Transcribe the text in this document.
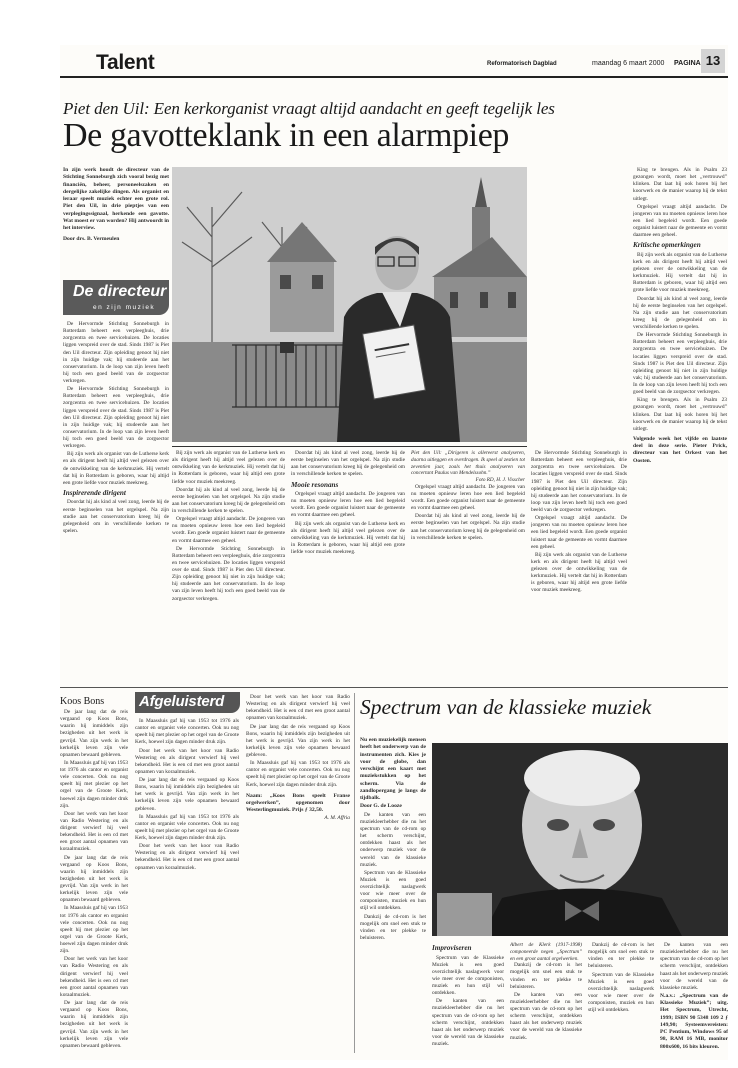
Talent	Reformatorisch Dagblad	maandag 6 maart 2000 PAGINA 13
Piet den Uil: Een kerkorganist vraagt altijd aandacht en geeft tegelijk les
De gavotteklank in een alarmpiep
In zijn werk houdt de directeur van de Stichting Sonneburgh zich vooral bezig met financiën, beheer, personeelszaken en dergelijke zakelijke dingen. Als organist en leraar speelt muziek echter een grote rol. Piet den Uil, in drie pieptjes van een verplegingssignaal, herkende een gavotte. Wat moest er van worden? Hij antwoordt in het interview.
Door drs. B. Vermeulen
De directeur
en zijn muziek

De Hervormde Stichting Sonneburgh in Rotterdam beheert een verpleeghuis, drie zorgcentra en twee servicehuizen. De locaties liggen verspreid over de stad. Sinds 1987 is Piet den Uil directeur. Zijn opleiding genoot hij niet in zijn huidige vak; hij studeerde aan het conservatorium. In de loop van zijn leven heeft hij toch een goed beeld van de zorgsector verkregen.

De Hervormde Stichting Sonneburgh in Rotterdam beheert een verpleeghuis, drie zorgcentra en twee servicehuizen. De locaties liggen verspreid over de stad. Sinds 1987 is Piet den Uil directeur. Zijn opleiding genoot hij niet in zijn huidige vak; hij studeerde aan het conservatorium. In de loop van zijn leven heeft hij toch een goed beeld van de zorgsector verkregen.

Bij zijn werk als organist van de Lutherse kerk en als dirigent heeft hij altijd veel gelezen over de ontwikkeling van de kerkmuziek. Hij vertelt dat hij in Rotterdam is geboren, waar hij altijd een grote liefde voor muziek meekreeg.

Inspirerende dirigent

Doordat hij als kind al veel zong, leerde hij de eerste beginselen van het orgelspel. Na zijn studie aan het conservatorium kreeg hij de gelegenheid om in verschillende kerken te spelen.

Bij zijn werk als organist van de Lutherse kerk en als dirigent heeft hij altijd veel gelezen over de ontwikkeling van de kerkmuziek. Hij vertelt dat hij in Rotterdam is geboren, waar hij altijd een grote liefde voor muziek meekreeg.

Doordat hij als kind al veel zong, leerde hij de eerste beginselen van het orgelspel. Na zijn studie aan het conservatorium kreeg hij de gelegenheid om in verschillende kerken te spelen.

Orgelspel vraagt altijd aandacht. De jongeren van nu moeten opnieuw leren hoe een lied begeleid wordt. Een goede organist luistert naar de gemeente en vormt daarmee een geheel.

De Hervormde Stichting Sonneburgh in Rotterdam beheert een verpleeghuis, drie zorgcentra en twee servicehuizen. De locaties liggen verspreid over de stad. Sinds 1987 is Piet den Uil directeur. Zijn opleiding genoot hij niet in zijn huidige vak; hij studeerde aan het conservatorium. In de loop van zijn leven heeft hij toch een goed beeld van de zorgsector verkregen.

Doordat hij als kind al veel zong, leerde hij de eerste beginselen van het orgelspel. Na zijn studie aan het conservatorium kreeg hij de gelegenheid om in verschillende kerken te spelen.

Mooie resonans

Orgelspel vraagt altijd aandacht. De jongeren van nu moeten opnieuw leren hoe een lied begeleid wordt. Een goede organist luistert naar de gemeente en vormt daarmee een geheel.

Bij zijn werk als organist van de Lutherse kerk en als dirigent heeft hij altijd veel gelezen over de ontwikkeling van de kerkmuziek. Hij vertelt dat hij in Rotterdam is geboren, waar hij altijd een grote liefde voor muziek meekreeg.

Piet den Uil: „Dirigeren is allereerst analyseren, daarna uitleggen en overdragen. Ik speel al zestien tot zeventien jaar, zoals het thuis analyseren van concertant Paulus van Mendelssohn.”
Foto RD, H. J. Visscher

Orgelspel vraagt altijd aandacht. De jongeren van nu moeten opnieuw leren hoe een lied begeleid wordt. Een goede organist luistert naar de gemeente en vormt daarmee een geheel.

Doordat hij als kind al veel zong, leerde hij de eerste beginselen van het orgelspel. Na zijn studie aan het conservatorium kreeg hij de gelegenheid om in verschillende kerken te spelen.

De Hervormde Stichting Sonneburgh in Rotterdam beheert een verpleeghuis, drie zorgcentra en twee servicehuizen. De locaties liggen verspreid over de stad. Sinds 1987 is Piet den Uil directeur. Zijn opleiding genoot hij niet in zijn huidige vak; hij studeerde aan het conservatorium. In de loop van zijn leven heeft hij toch een goed beeld van de zorgsector verkregen.

Orgelspel vraagt altijd aandacht. De jongeren van nu moeten opnieuw leren hoe een lied begeleid wordt. Een goede organist luistert naar de gemeente en vormt daarmee een geheel.

Bij zijn werk als organist van de Lutherse kerk en als dirigent heeft hij altijd veel gelezen over de ontwikkeling van de kerkmuziek. Hij vertelt dat hij in Rotterdam is geboren, waar hij altijd een grote liefde voor muziek meekreeg.

King te brengen. Als in Psalm 23 gezongen wordt, moet het „vertrouwd” klinken. Dat laat hij ook horen bij het koorwerk en de manier waarop hij de tekst uitlegt.

Orgelspel vraagt altijd aandacht. De jongeren van nu moeten opnieuw leren hoe een lied begeleid wordt. Een goede organist luistert naar de gemeente en vormt daarmee een geheel.

Kritische opmerkingen

Bij zijn werk als organist van de Lutherse kerk en als dirigent heeft hij altijd veel gelezen over de ontwikkeling van de kerkmuziek. Hij vertelt dat hij in Rotterdam is geboren, waar hij altijd een grote liefde voor muziek meekreeg.

Doordat hij als kind al veel zong, leerde hij de eerste beginselen van het orgelspel. Na zijn studie aan het conservatorium kreeg hij de gelegenheid om in verschillende kerken te spelen.

De Hervormde Stichting Sonneburgh in Rotterdam beheert een verpleeghuis, drie zorgcentra en twee servicehuizen. De locaties liggen verspreid over de stad. Sinds 1987 is Piet den Uil directeur. Zijn opleiding genoot hij niet in zijn huidige vak; hij studeerde aan het conservatorium. In de loop van zijn leven heeft hij toch een goed beeld van de zorgsector verkregen.

King te brengen. Als in Psalm 23 gezongen wordt, moet het „vertrouwd” klinken. Dat laat hij ook horen bij het koorwerk en de manier waarop hij de tekst uitlegt.

Volgende week het vijfde en laatste deel in deze serie. Pieter Prick, directeur van het Orkest van het Oosten.

Koos Bons Afgeluisterd

De jaar lang dat de reis vergaand op Koos Bons, waarin hij inmiddels zijn bezigheden uit het werk is gevrijd. Van zijn werk in het kerkelijk leven zijn vele opnamen bewaard gebleven.

In Maassluis gaf hij van 1953 tot 1976 als cantor en organist vele concerten. Ook nu nog speelt hij met plezier op het orgel van de Groote Kerk, hoewel zijn dagen minder druk zijn.

Door het werk van het koor van Radio Westering en als dirigent verwierf hij veel bekendheid. Het is een cd met een groot aantal opnamen van koraalmuziek.

De jaar lang dat de reis vergaand op Koos Bons, waarin hij inmiddels zijn bezigheden uit het werk is gevrijd. Van zijn werk in het kerkelijk leven zijn vele opnamen bewaard gebleven.

In Maassluis gaf hij van 1953 tot 1976 als cantor en organist vele concerten. Ook nu nog speelt hij met plezier op het orgel van de Groote Kerk, hoewel zijn dagen minder druk zijn.

Door het werk van het koor van Radio Westering en als dirigent verwierf hij veel bekendheid. Het is een cd met een groot aantal opnamen van koraalmuziek.

De jaar lang dat de reis vergaand op Koos Bons, waarin hij inmiddels zijn bezigheden uit het werk is gevrijd. Van zijn werk in het kerkelijk leven zijn vele opnamen bewaard gebleven.

In Maassluis gaf hij van 1953 tot 1976 als cantor en organist vele concerten. Ook nu nog speelt hij met plezier op het orgel van de Groote Kerk, hoewel zijn dagen minder druk zijn.

Door het werk van het koor van Radio Westering en als dirigent verwierf hij veel bekendheid. Het is een cd met een groot aantal opnamen van koraalmuziek.

De jaar lang dat de reis vergaand op Koos Bons, waarin hij inmiddels zijn bezigheden uit het werk is gevrijd. Van zijn werk in het kerkelijk leven zijn vele opnamen bewaard gebleven.

In Maassluis gaf hij van 1953 tot 1976 als cantor en organist vele concerten. Ook nu nog speelt hij met plezier op het orgel van de Groote Kerk, hoewel zijn dagen minder druk zijn.

Door het werk van het koor van Radio Westering en als dirigent verwierf hij veel bekendheid. Het is een cd met een groot aantal opnamen van koraalmuziek.

Door het werk van het koor van Radio Westering en als dirigent verwierf hij veel bekendheid. Het is een cd met een groot aantal opnamen van koraalmuziek.

De jaar lang dat de reis vergaand op Koos Bons, waarin hij inmiddels zijn bezigheden uit het werk is gevrijd. Van zijn werk in het kerkelijk leven zijn vele opnamen bewaard gebleven.

In Maassluis gaf hij van 1953 tot 1976 als cantor en organist vele concerten. Ook nu nog speelt hij met plezier op het orgel van de Groote Kerk, hoewel zijn dagen minder druk zijn.

Naam: „Koos Bons speelt Franse orgelwerken”, opgenomen door Westerlingmuziek. Prijs ƒ 32,50.

A. M. Affria

Spectrum van de klassieke muziek

Nu een muziekelijk mensen heeft het onderwerp van de instrumenten zich. Kies je voor de globe, dan verschijnt een kaart met muziekstukken op het scherm. Via de zandlopergang je langs de tijdbalk.

Door G. de Looze

De kanten van een muziekleerhebber die nu het spectrum van de cd-rom op het scherm verschijnt, ontdekken haast als het onderwerp muziek voor de wereld van de klassieke muziek.

Spectrum van de Klassieke Muziek is een goed overzichtelijk naslagwerk voor wie meer over de componisten, muziek en hun stijl wil ontdekken.

Dankzij de cd-rom is het mogelijk om snel een stuk te vinden en ter plekke te beluisteren.

Improviseren

Spectrum van de Klassieke Muziek is een goed overzichtelijk naslagwerk voor wie meer over de componisten, muziek en hun stijl wil ontdekken.

De kanten van een muziekleerhebber die nu het spectrum van de cd-rom op het scherm verschijnt, ontdekken haast als het onderwerp muziek voor de wereld van de klassieke muziek.

Albert de Klerk (1917-1998) componeerde negen „Spectrum” en een groot aantal orgelwerken.

Dankzij de cd-rom is het mogelijk om snel een stuk te vinden en ter plekke te beluisteren.

De kanten van een muziekleerhebber die nu het spectrum van de cd-rom op het scherm verschijnt, ontdekken haast als het onderwerp muziek voor de wereld van de klassieke muziek.

Dankzij de cd-rom is het mogelijk om snel een stuk te vinden en ter plekke te beluisteren.

Spectrum van de Klassieke Muziek is een goed overzichtelijk naslagwerk voor wie meer over de componisten, muziek en hun stijl wil ontdekken.

De kanten van een muziekleerhebber die nu het spectrum van de cd-rom op het scherm verschijnt, ontdekken haast als het onderwerp muziek voor de wereld van de klassieke muziek.

N.a.v.: „Spectrum van de Klassieke Muziek”; uitg. Het Spectrum, Utrecht, 1999; ISBN 90 5348 109 2 ƒ 149,90; Systeemvereisten: PC Pentium, Windows 95 of 98, RAM 16 MB, monitor 800x600, 16 bits kleuren.
